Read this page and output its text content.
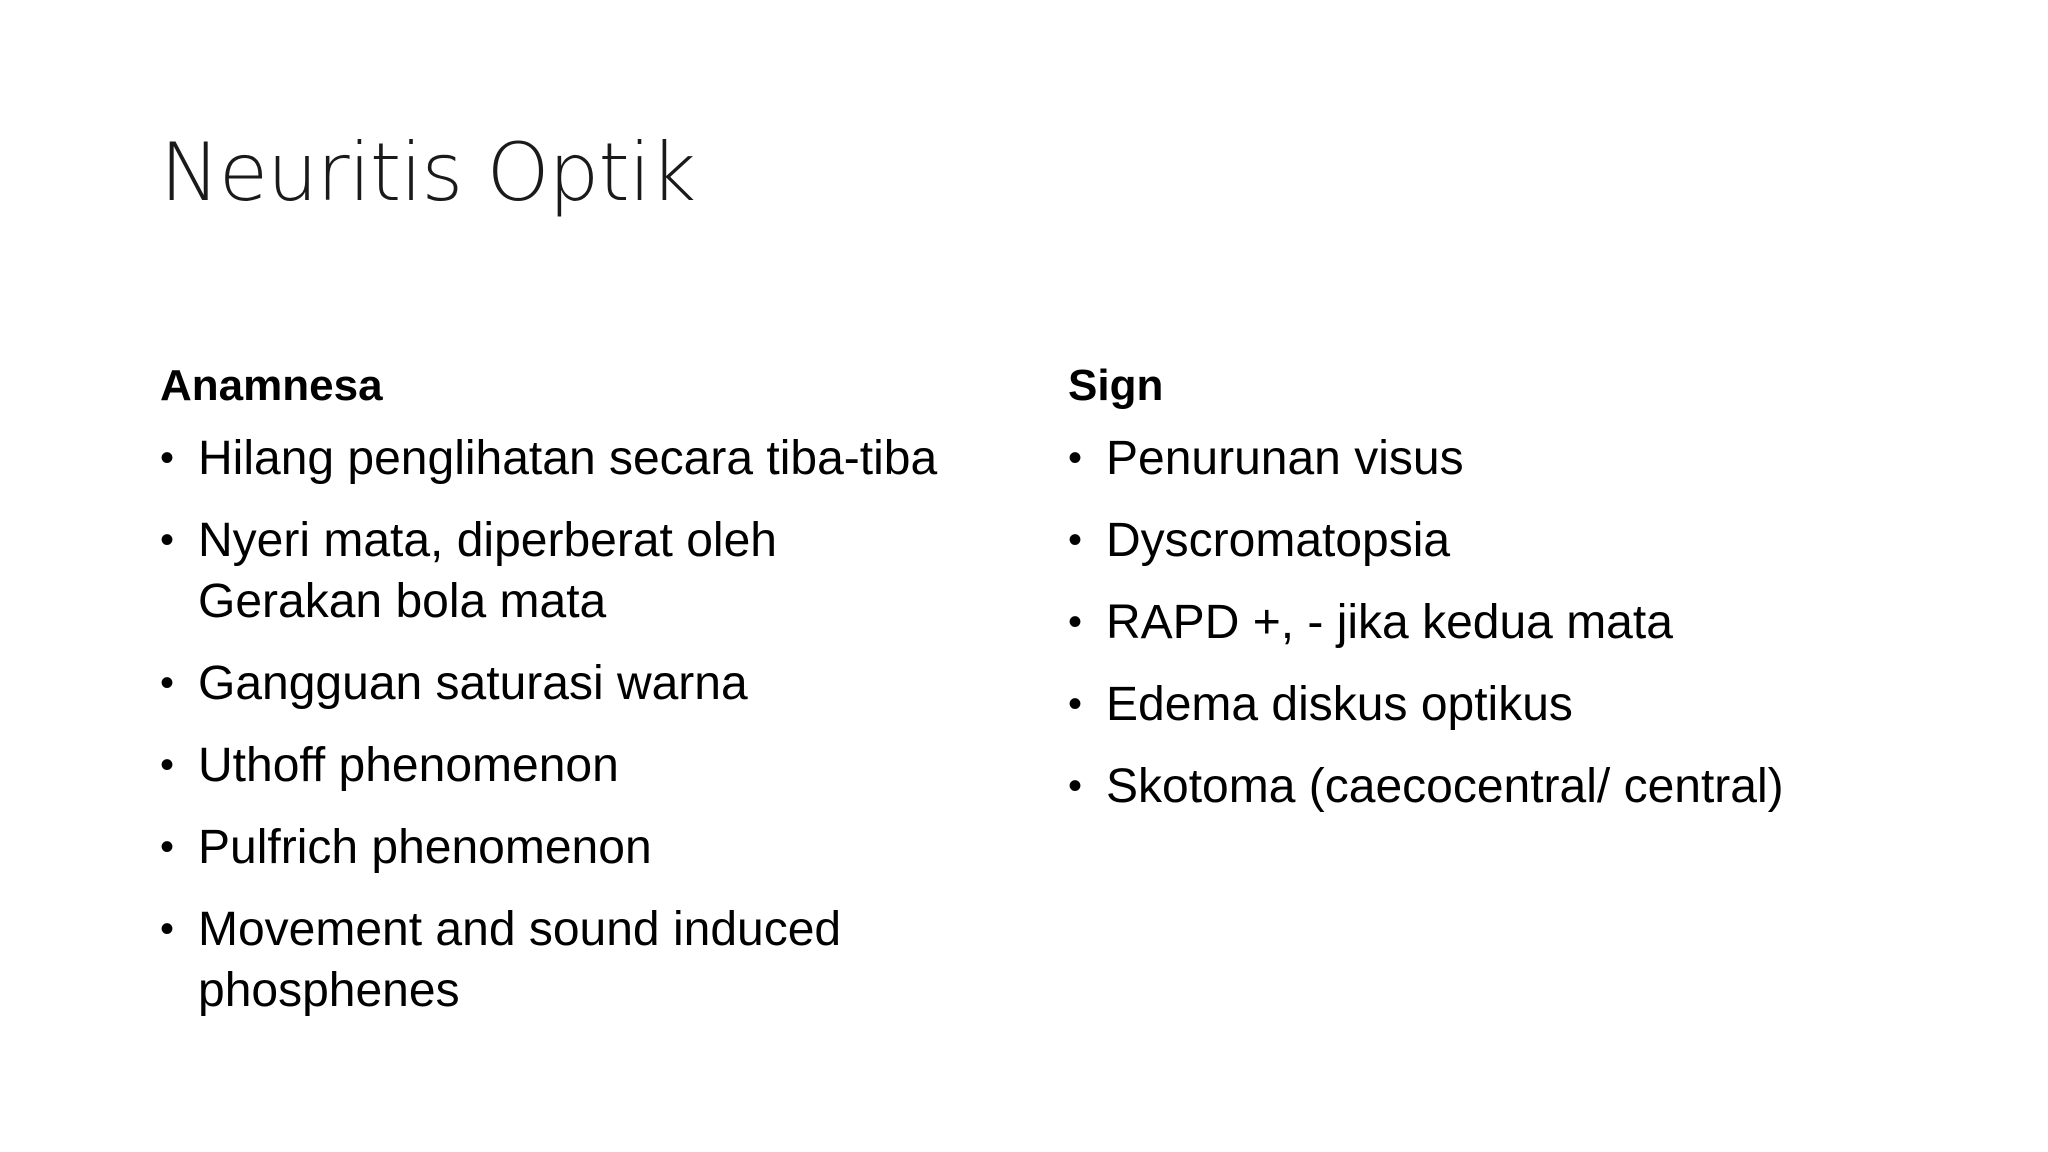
Neuritis Optik
Anamnesa
• Hilang penglihatan secara tiba-tiba
• Nyeri mata, diperberat oleh Gerakan bola mata
• Gangguan saturasi warna
• Uthoff phenomenon
• Pulfrich phenomenon
• Movement and sound induced phosphenes
Sign
• Penurunan visus
• Dyscromatopsia
• RAPD +, - jika kedua mata
• Edema diskus optikus
• Skotoma (caecocentral/ central)
